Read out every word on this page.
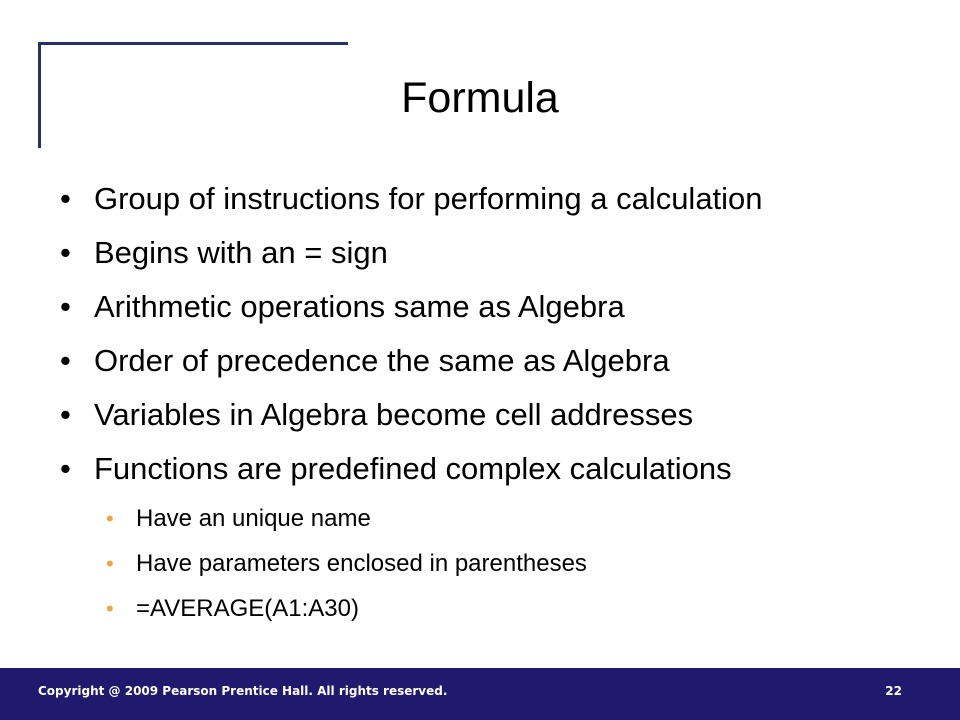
Formula
• Group of instructions for performing a calculation
• Begins with an = sign
• Arithmetic operations same as Algebra
• Order of precedence the same as Algebra
• Variables in Algebra become cell addresses
• Functions are predefined complex calculations
• Have an unique name
• Have parameters enclosed in parentheses
• =AVERAGE(A1:A30)
Copyright @ 2009 Pearson Prentice Hall. All rights reserved.	22
